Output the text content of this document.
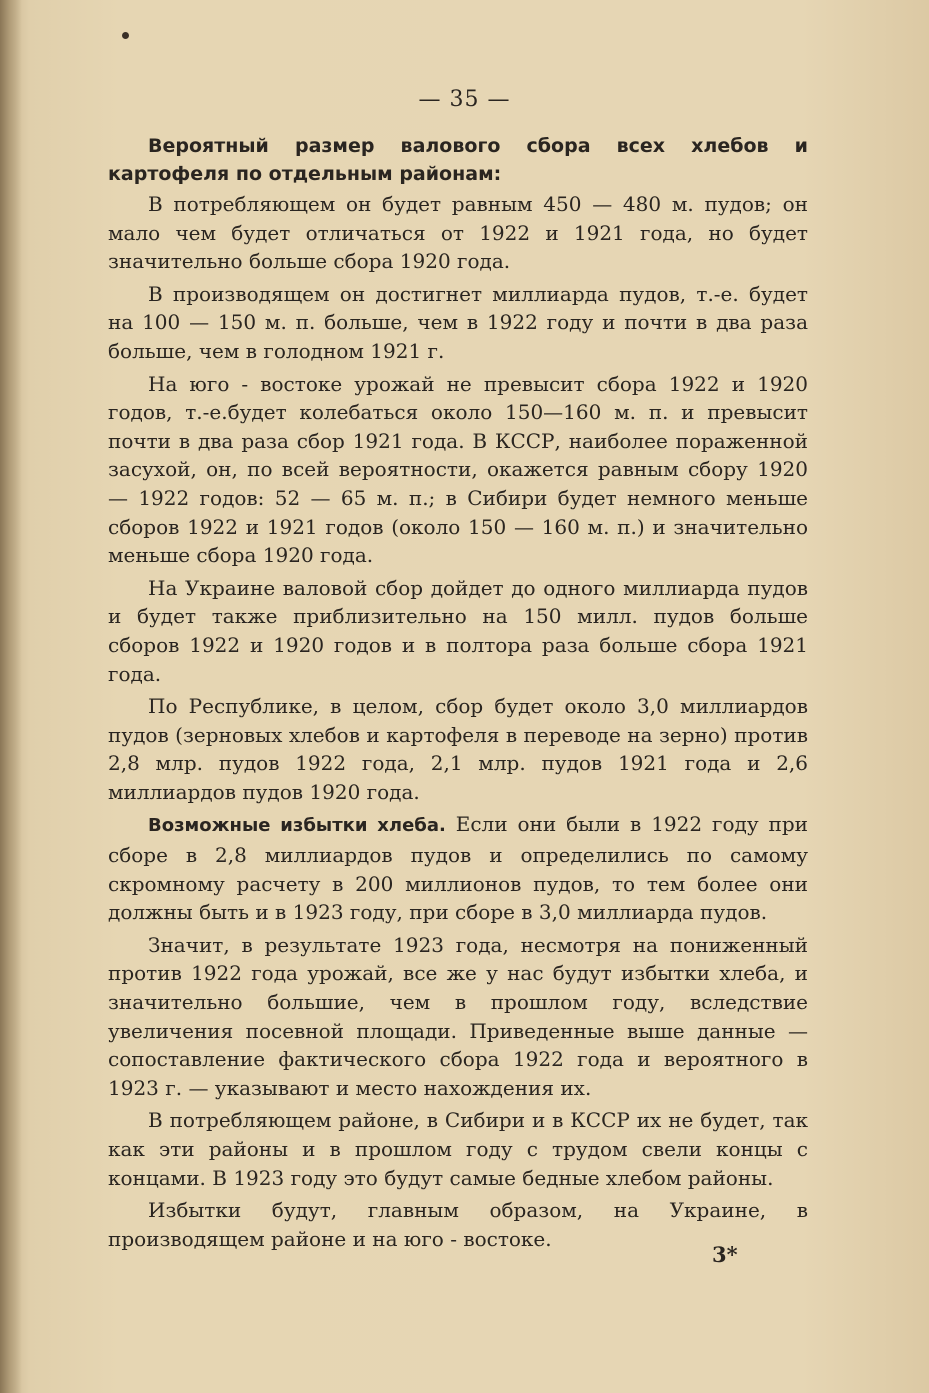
— 35 —

Вероятный размер валового сбора всех хлебов и картофеля по отдельным районам:

В потребляющем он будет равным 450 — 480 м. пудов; он мало чем будет отличаться от 1922 и 1921 года, но будет значительно больше сбора 1920 года.

В производящем он достигнет миллиарда пудов, т.-е. будет на 100 — 150 м. п. больше, чем в 1922 году и почти в два раза больше, чем в голодном 1921 г.

На юго - востоке урожай не превысит сбора 1922 и 1920 годов, т.-е.будет колебаться около 150—160 м. п. и превысит почти в два раза сбор 1921 года. В КССР, наиболее пораженной засухой, он, по всей вероятности, окажется равным сбору 1920 — 1922 годов: 52 — 65 м. п.; в Сибири будет немного меньше сборов 1922 и 1921 годов (около 150 — 160 м. п.) и значительно меньше сбора 1920 года.

На Украине валовой сбор дойдет до одного миллиарда пудов и будет также приблизительно на 150 милл. пудов больше сборов 1922 и 1920 годов и в полтора раза больше сбора 1921 года.

По Республике, в целом, сбор будет около 3,0 миллиардов пудов (зерновых хлебов и картофеля в переводе на зерно) против 2,8 млр. пудов 1922 года, 2,1 млр. пудов 1921 года и 2,6 миллиардов пудов 1920 года.

Возможные избытки хлеба. Если они были в 1922 году при сборе в 2,8 миллиардов пудов и определились по самому скромному расчету в 200 миллионов пудов, то тем более они должны быть и в 1923 году, при сборе в 3,0 миллиарда пудов.

Значит, в результате 1923 года, несмотря на пониженный против 1922 года урожай, все же у нас будут избытки хлеба, и значительно большие, чем в прошлом году, вследствие увеличения посевной площади. Приведенные выше данные — сопоставление фактического сбора 1922 года и вероятного в 1923 г. — указывают и место нахождения их.

В потребляющем районе, в Сибири и в КССР их не будет, так как эти районы и в прошлом году с трудом свели концы с концами. В 1923 году это будут самые бедные хлебом районы.

Избытки будут, главным образом, на Украине, в производящем районе и на юго - востоке.

3*
